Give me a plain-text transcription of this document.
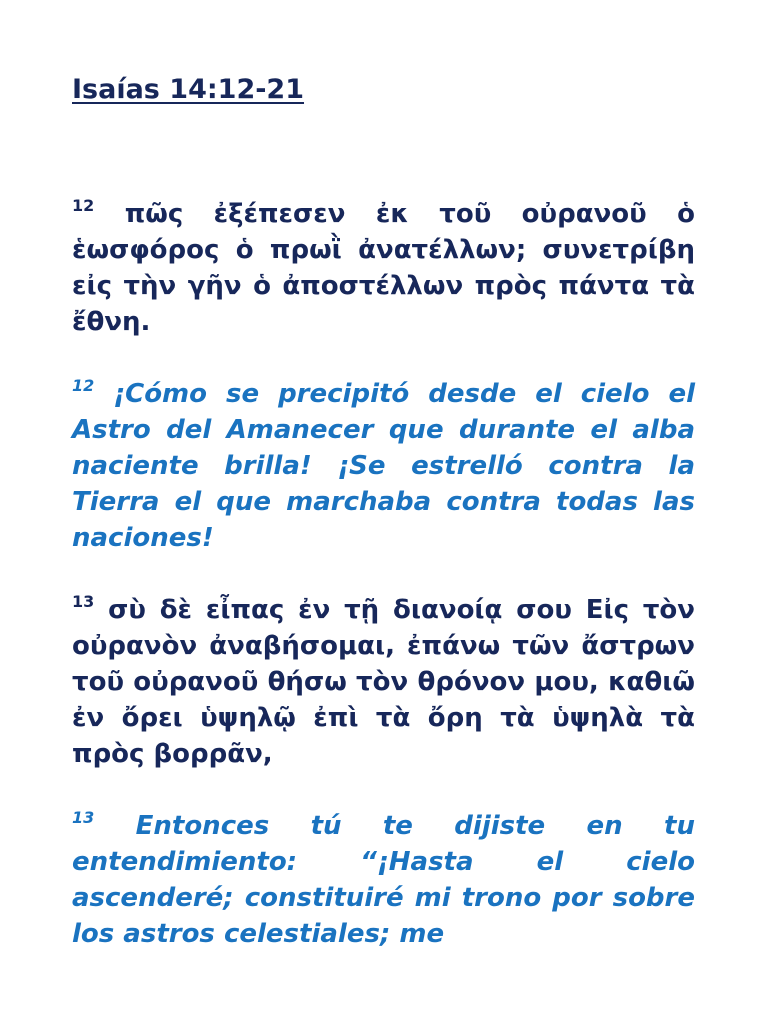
Isaías 14:12-21

$^{12}$ πῶς ἐξέπεσεν ἐκ τοῦ οὐρανοῦ ὁ ἑωσφόρος ὁ πρωῒ ἀνατέλλων; συνετρίβη εἰς τὴν γῆν ὁ ἀποστέλλων πρὸς πάντα τὰ ἔθνη.

$^{12}$ ¡Cómo se precipitó desde el cielo el Astro del Amanecer que durante el alba naciente brilla! ¡Se estrelló contra la Tierra el que marchaba contra todas las naciones!

$^{13}$ σὺ δὲ εἶπας ἐν τῇ διανοίᾳ σου Εἰς τὸν οὐρανὸν ἀναβήσομαι, ἐπάνω τῶν ἄστρων τοῦ οὐρανοῦ θήσω τὸν θρόνον μου, καθιῶ ἐν ὄρει ὑψηλῷ ἐπὶ τὰ ὄρη τὰ ὑψηλὰ τὰ πρὸς βορρᾶν,

$^{13}$ Entonces tú te dijiste en tu entendimiento: “¡Hasta el cielo ascenderé; constituiré mi trono por sobre los astros celestiales; me
